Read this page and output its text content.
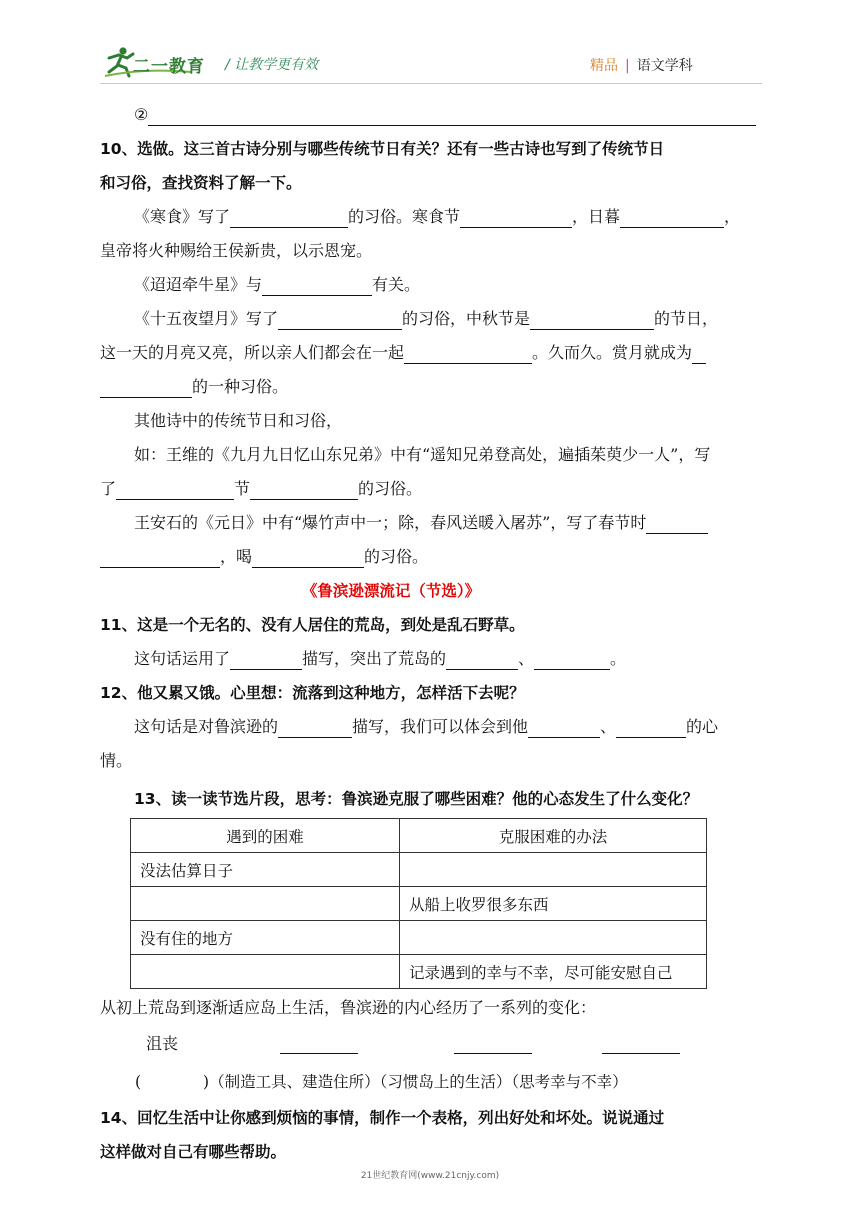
二一教育 / 让教学更有效	精品 | 语文学科
②
10、选做。这三首古诗分别与哪些传统节日有关？还有一些古诗也写到了传统节日
和习俗，查找资料了解一下。
《寒食》写了	的习俗。寒食节	，日暮	，
皇帝将火种赐给王侯新贵，以示恩宠。
《迢迢牵牛星》与	有关。
《十五夜望月》写了	的习俗，中秋节是	的节日，
这一天的月亮又亮，所以亲人们都会在一起	。久而久。赏月就成为
的一种习俗。
其他诗中的传统节日和习俗，
如：王维的《九月九日忆山东兄弟》中有“遥知兄弟登高处，遍插茱萸少一人”，写
了	节	的习俗。
王安石的《元日》中有“爆竹声中一；除，春风送暖入屠苏”，写了春节时
，喝	的习俗。
《鲁滨逊漂流记（节选）》
11、这是一个无名的、没有人居住的荒岛，到处是乱石野草。
这句话运用了	描写，突出了荒岛的	、	。
12、他又累又饿。心里想：流落到这种地方，怎样活下去呢？
这句话是对鲁滨逊的	描写，我们可以体会到他	、	的心
情。
13、读一读节选片段，思考：鲁滨逊克服了哪些困难？他的心态发生了什么变化？
遇到的困难	克服困难的办法
没法估算日子	
	从船上收罗很多东西
没有住的地方	
	记录遇到的幸与不幸，尽可能安慰自己
从初上荒岛到逐渐适应岛上生活，鲁滨逊的内心经历了一系列的变化：
沮丧
(　　　　)（制造工具、建造住所）（习惯岛上的生活）（思考幸与不幸）
14、回忆生活中让你感到烦恼的事情，制作一个表格，列出好处和坏处。说说通过
这样做对自己有哪些帮助。
21世纪教育网(www.21cnjy.com)
